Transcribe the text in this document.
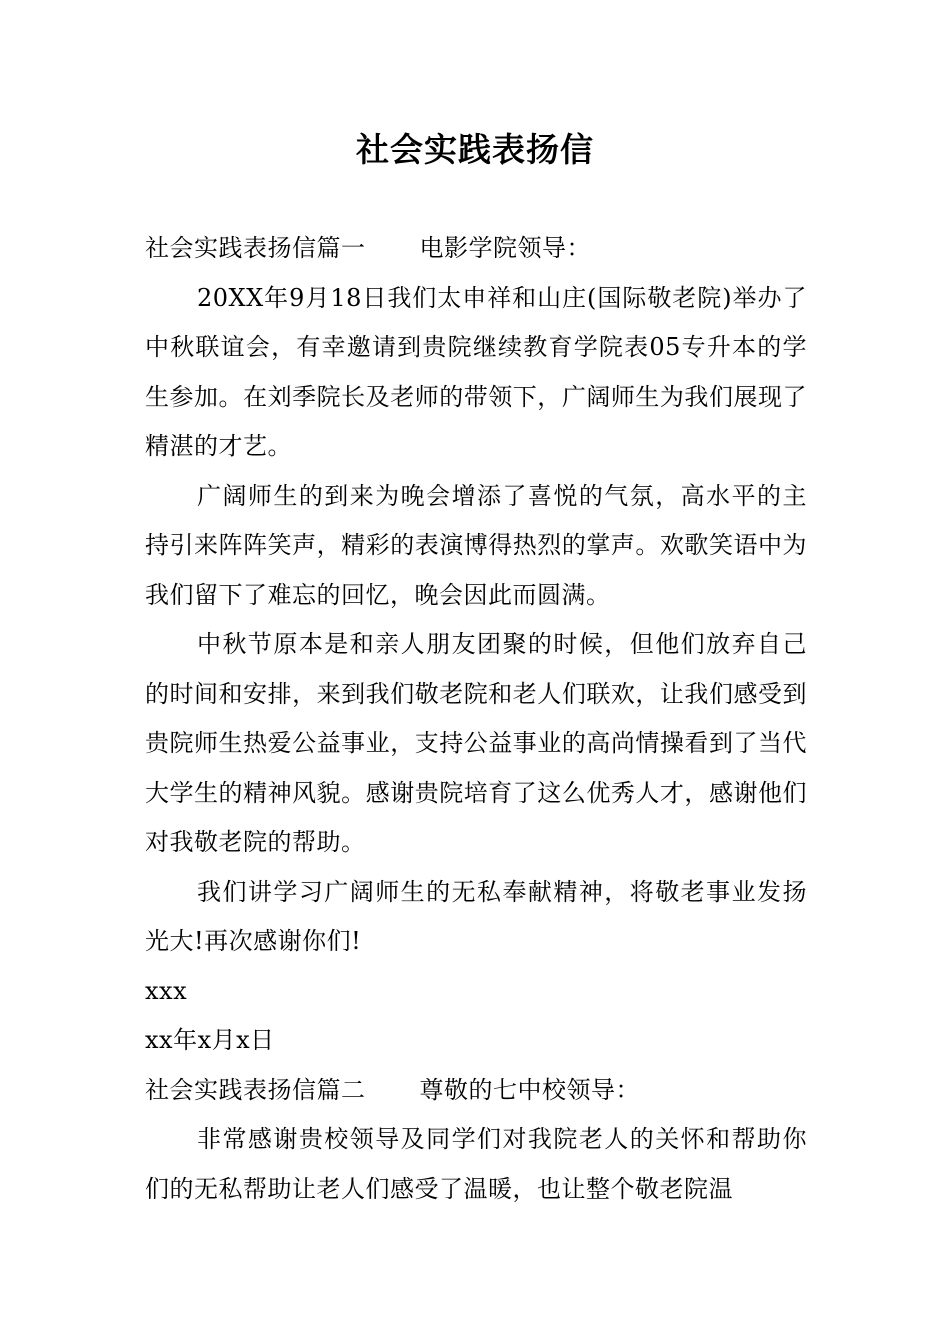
社会实践表扬信

社会实践表扬信篇一 电影学院领导：

20XX年9月18日我们太申祥和山庄(国际敬老院)举办了中秋联谊会，有幸邀请到贵院继续教育学院表05专升本的学生参加。在刘季院长及老师的带领下，广阔师生为我们展现了精湛的才艺。

广阔师生的到来为晚会增添了喜悦的气氛，高水平的主持引来阵阵笑声，精彩的表演博得热烈的掌声。欢歌笑语中为我们留下了难忘的回忆，晚会因此而圆满。

中秋节原本是和亲人朋友团聚的时候，但他们放弃自己的时间和安排，来到我们敬老院和老人们联欢，让我们感受到贵院师生热爱公益事业，支持公益事业的高尚情操看到了当代大学生的精神风貌。感谢贵院培育了这么优秀人才，感谢他们对我敬老院的帮助。

我们讲学习广阔师生的无私奉献精神，将敬老事业发扬光大!再次感谢你们!

xxx

xx年x月x日

社会实践表扬信篇二 尊敬的七中校领导：

非常感谢贵校领导及同学们对我院老人的关怀和帮助你们的无私帮助让老人们感受了温暖，也让整个敬老院温
